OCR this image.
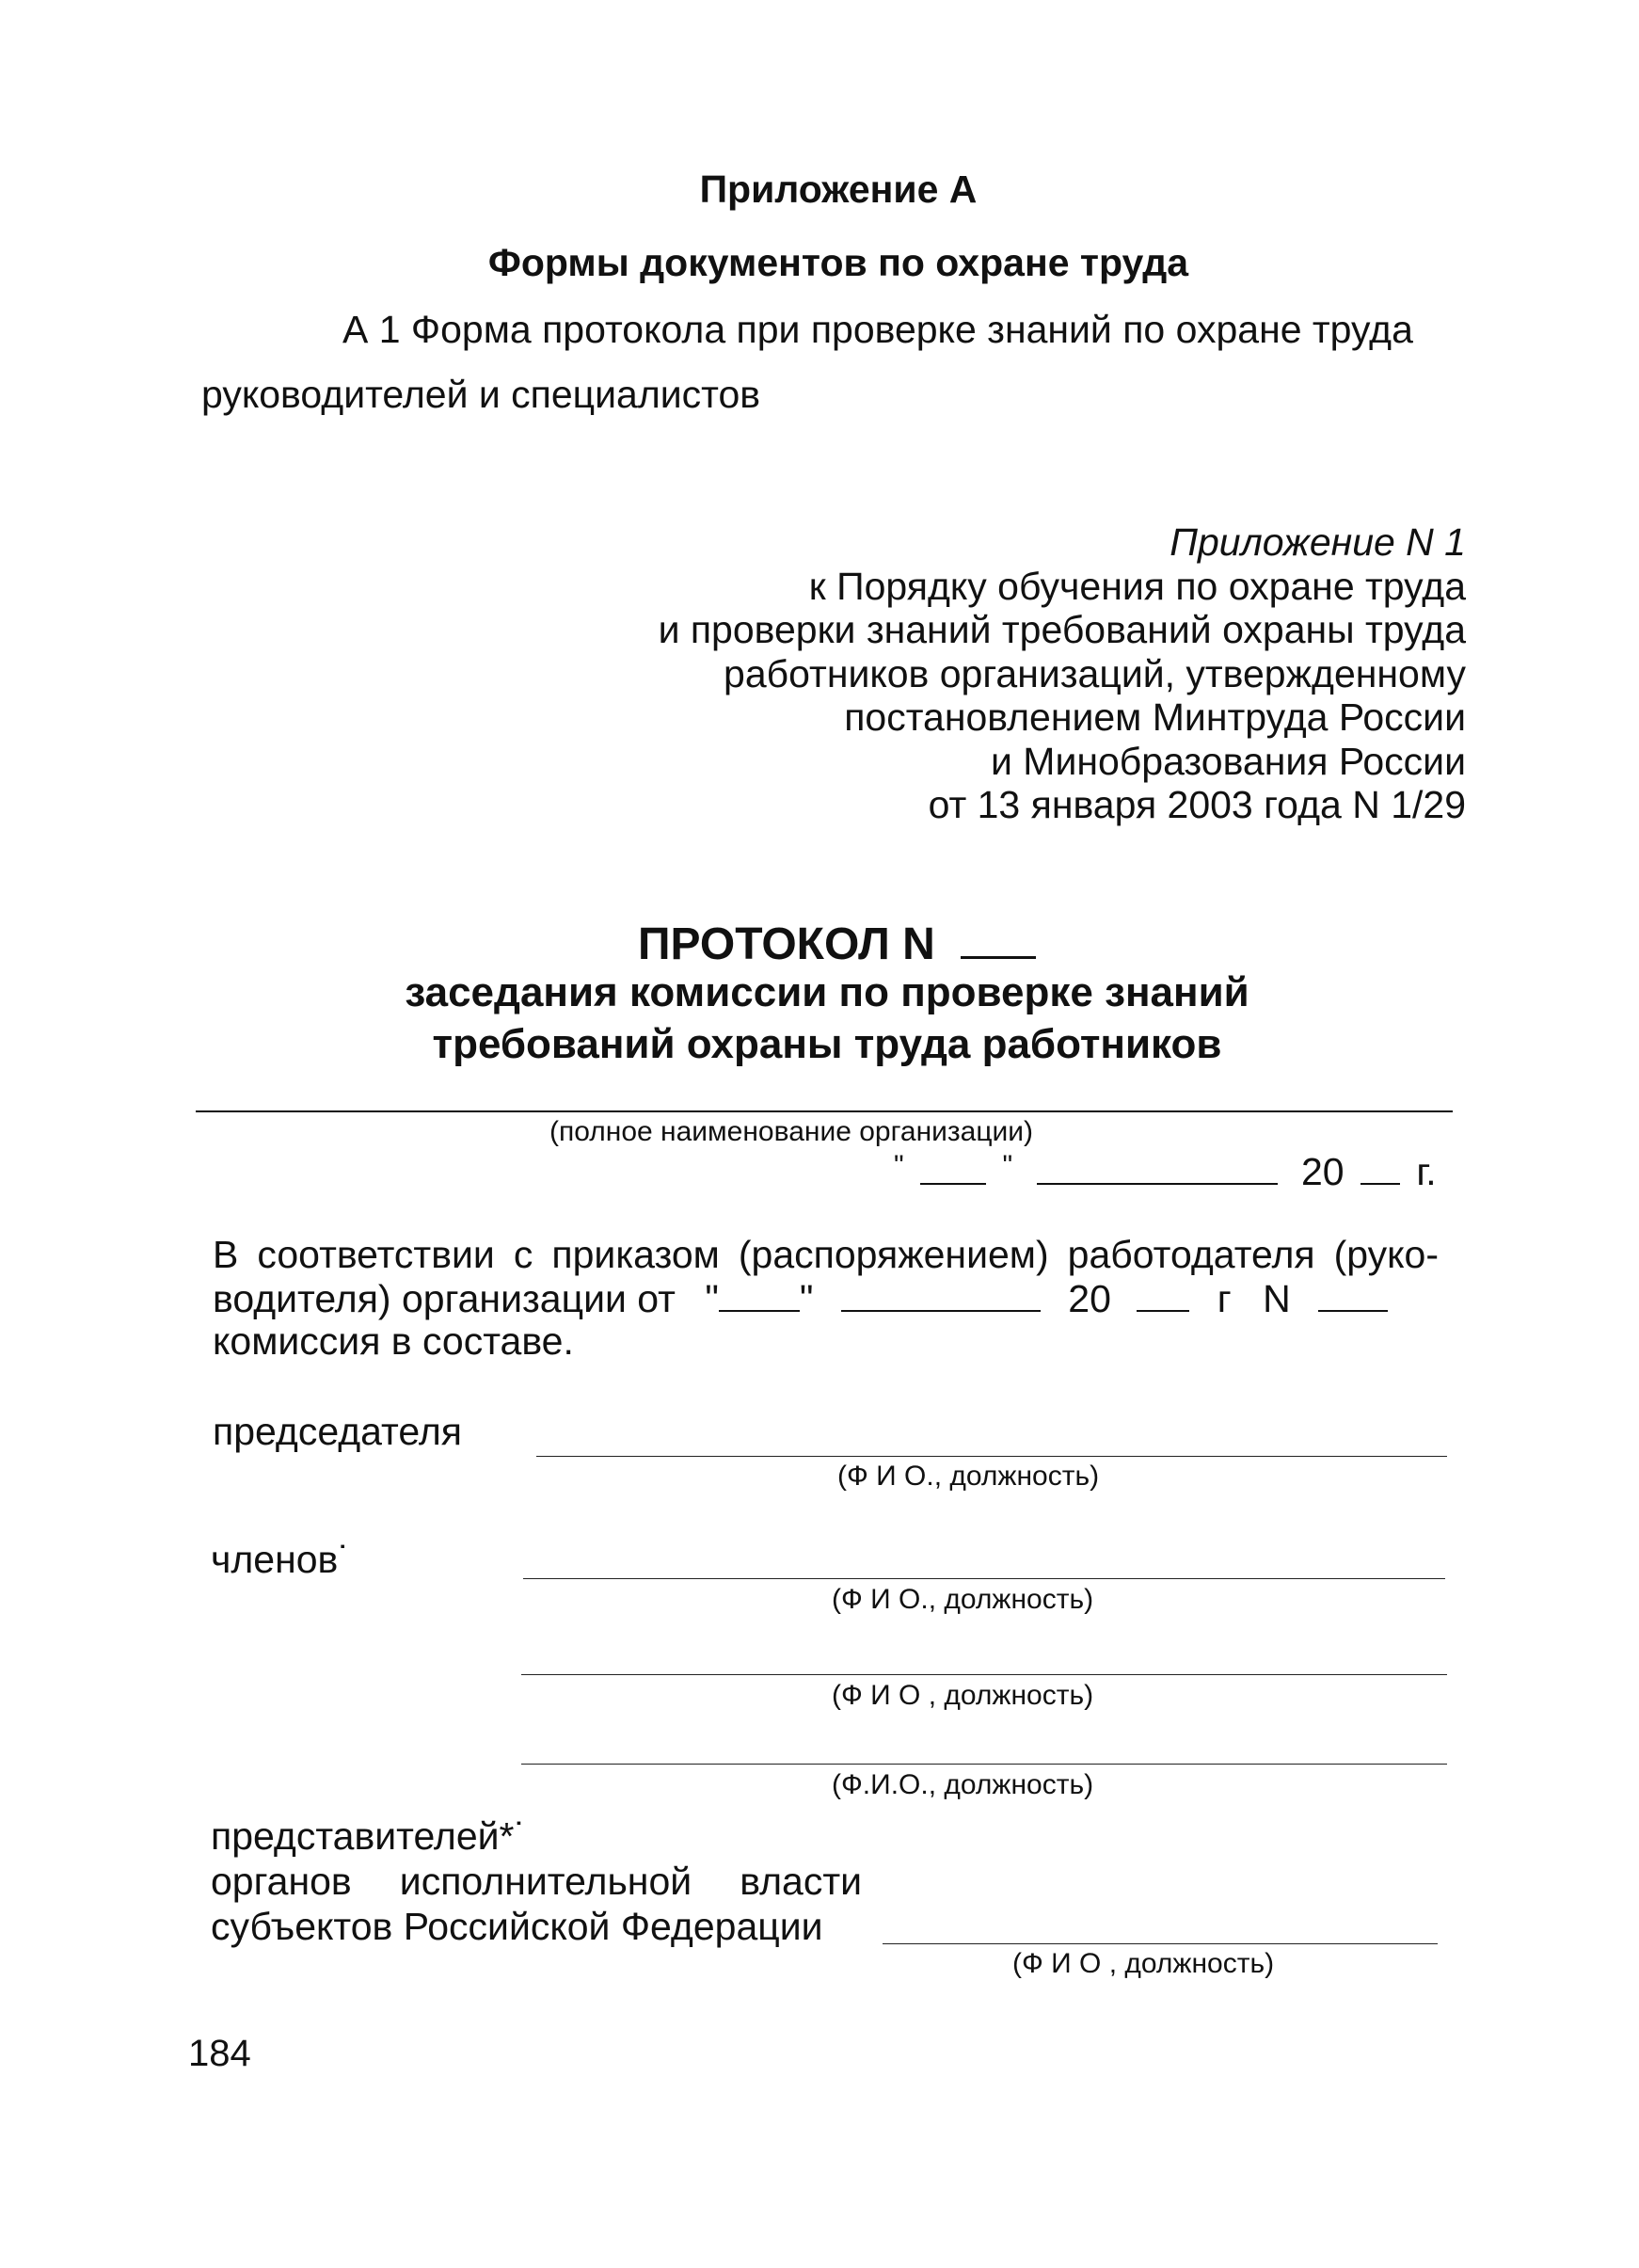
Приложение А
Формы документов по охране труда
А 1 Форма протокола при проверке знаний по охране труда
руководителей и специалистов
Приложение N 1
к Порядку обучения по охране труда
и проверки знаний требований охраны труда
работников организаций, утвержденному
постановлением Минтруда России
и Минобразования России
от 13 января 2003 года N 1/29
ПРОТОКОЛ N
заседания комиссии по проверке знаний
требований охраны труда работников
(полное наименование организации)
"	"	20 г.
В соответствии с приказом (распоряжением) работодателя (руко-
водителя) организации от " "	20	г N
комиссия в составе.
председателя
(Ф И О., должность)
членов˙
(Ф И О., должность)
(Ф И О , должность)
(Ф.И.О., должность)
представителей*˙
органов исполнительной власти
субъектов Российской Федерации
(Ф И О , должность)
184
